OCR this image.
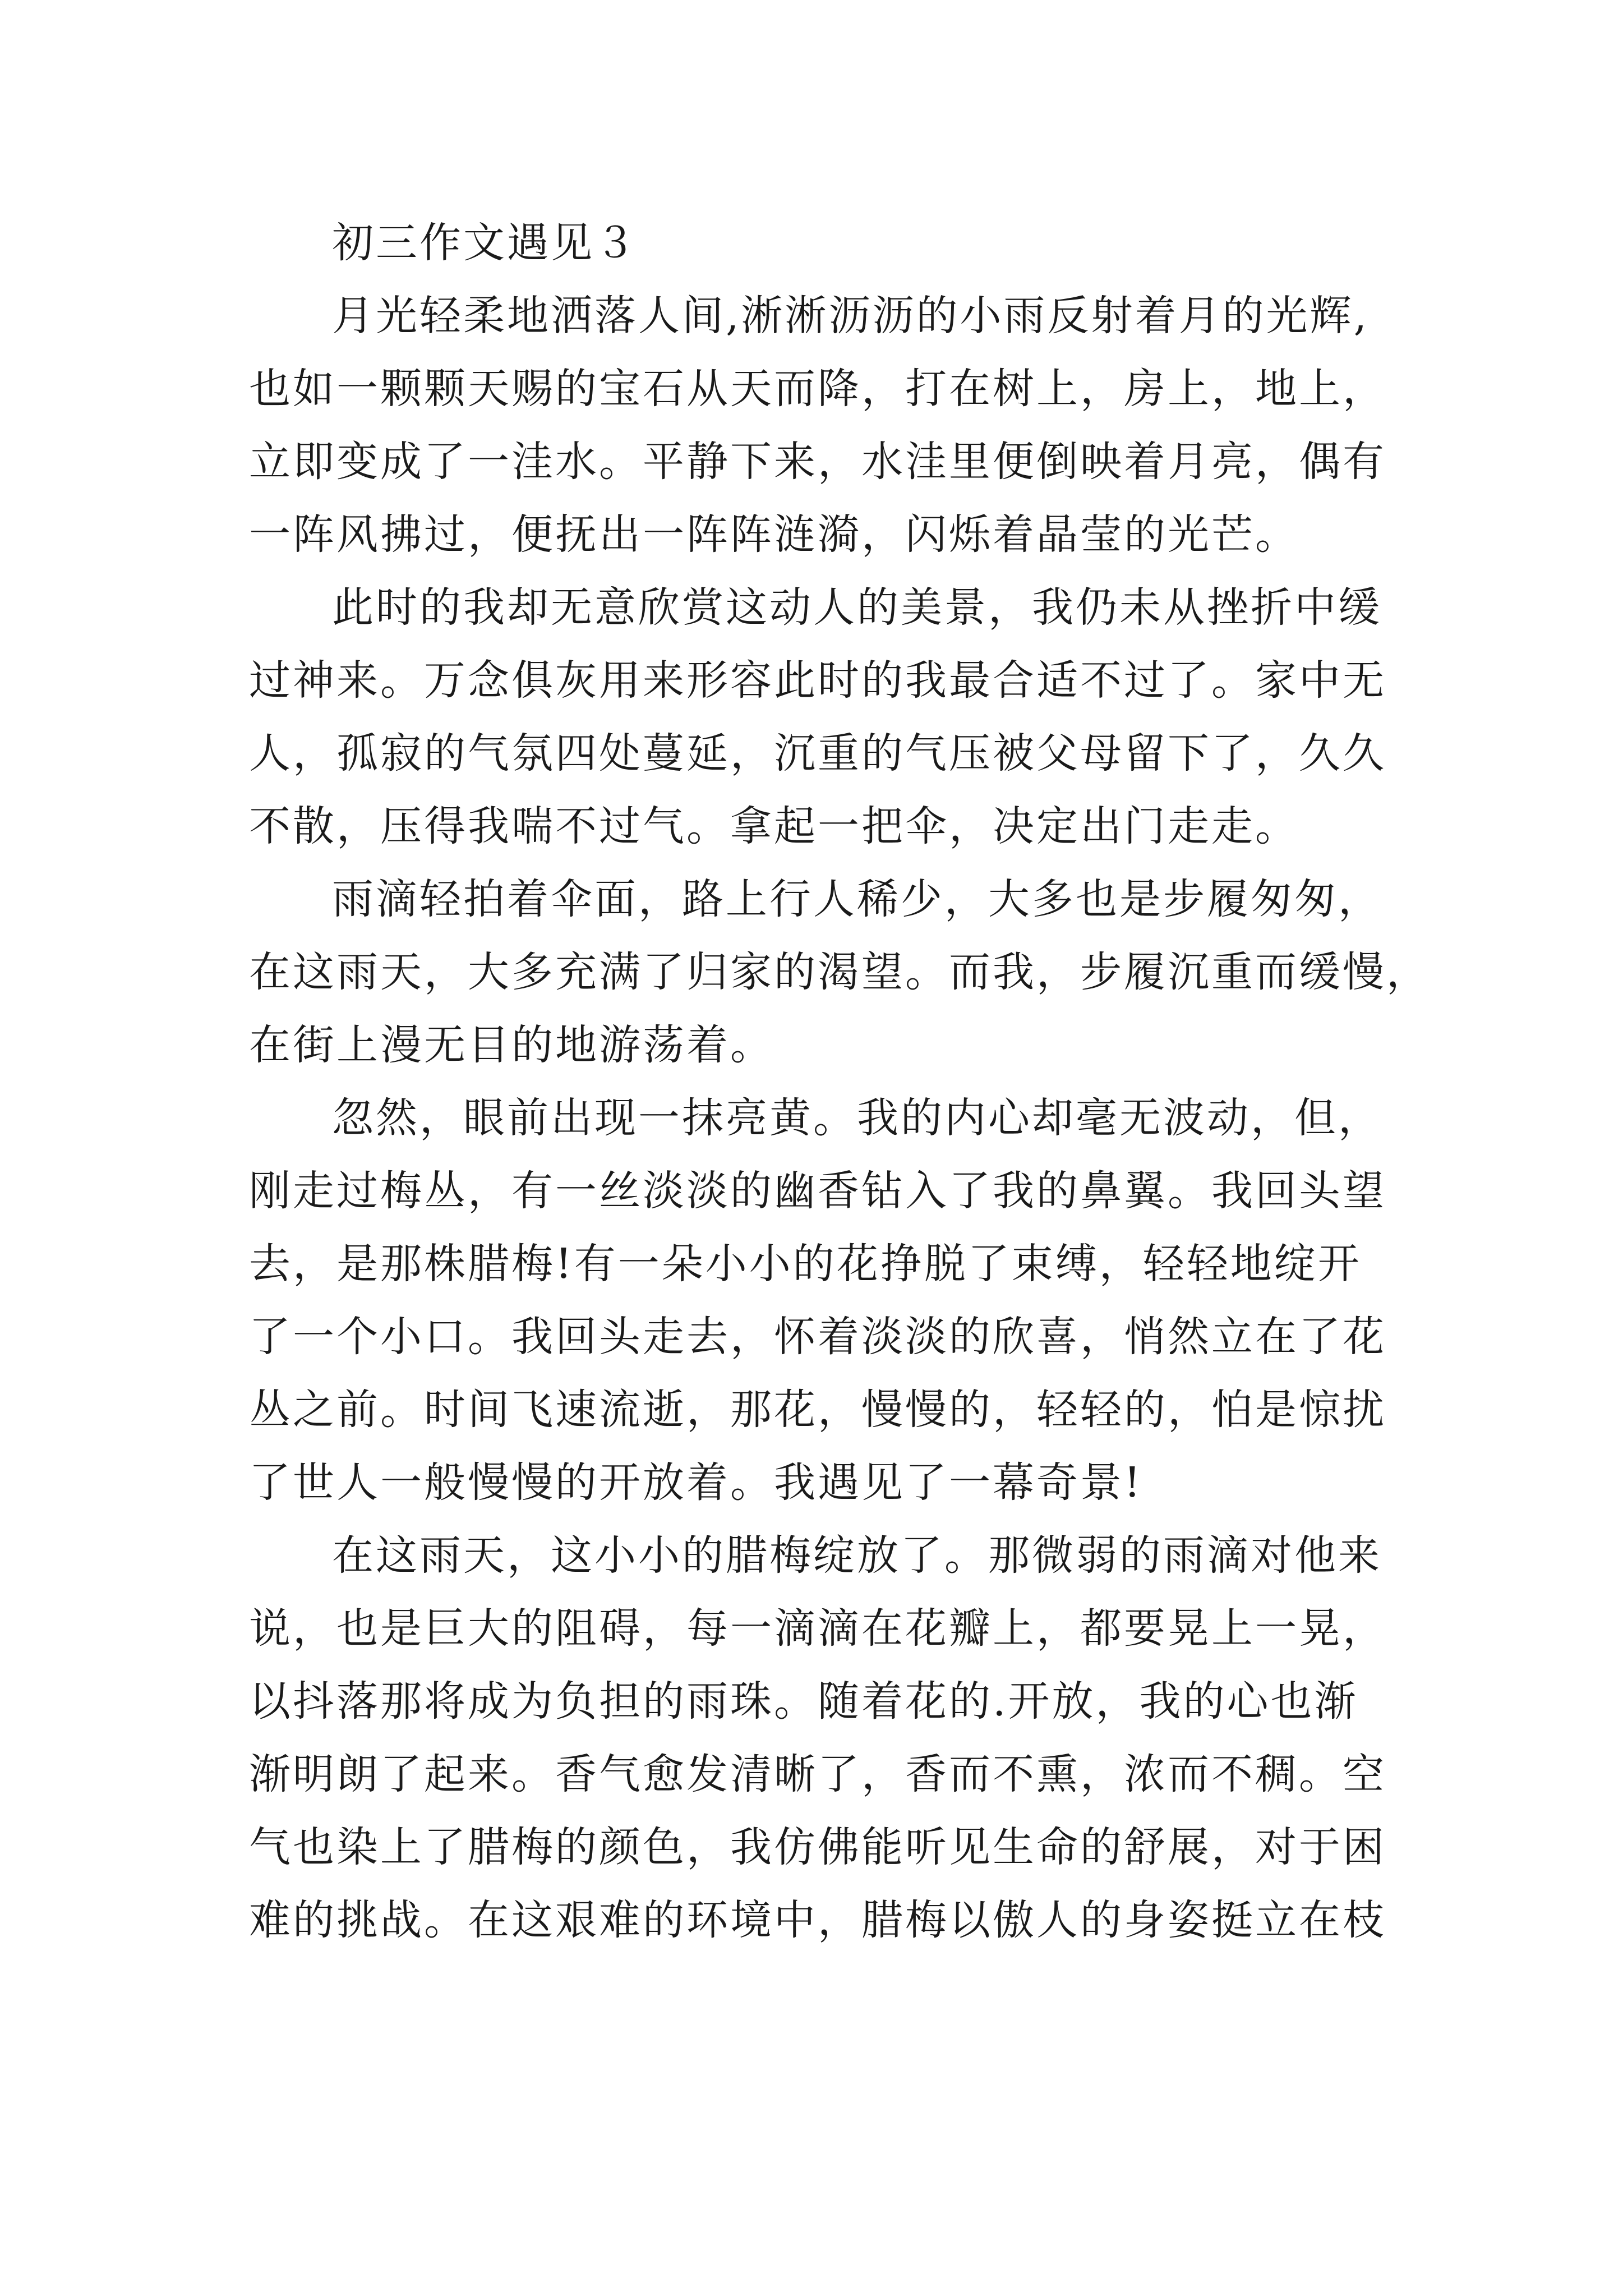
初三作文遇见３
月光轻柔地洒落人间,淅淅沥沥的小雨反射着月的光辉,
也如一颗颗天赐的宝石从天而降，打在树上，房上，地上，
立即变成了一洼水。平静下来，水洼里便倒映着月亮，偶有
一阵风拂过，便抚出一阵阵涟漪，闪烁着晶莹的光芒。
此时的我却无意欣赏这动人的美景，我仍未从挫折中缓
过神来。万念俱灰用来形容此时的我最合适不过了。家中无
人，孤寂的气氛四处蔓延，沉重的气压被父母留下了，久久
不散，压得我喘不过气。拿起一把伞，决定出门走走。
雨滴轻拍着伞面，路上行人稀少，大多也是步履匆匆，
在这雨天，大多充满了归家的渴望。而我，步履沉重而缓慢，
在街上漫无目的地游荡着。
忽然，眼前出现一抹亮黄。我的内心却毫无波动，但，
刚走过梅丛，有一丝淡淡的幽香钻入了我的鼻翼。我回头望
去，是那株腊梅!有一朵小小的花挣脱了束缚，轻轻地绽开
了一个小口。我回头走去，怀着淡淡的欣喜，悄然立在了花
丛之前。时间飞速流逝，那花，慢慢的，轻轻的，怕是惊扰
了世人一般慢慢的开放着。我遇见了一幕奇景!
在这雨天，这小小的腊梅绽放了。那微弱的雨滴对他来
说，也是巨大的阻碍，每一滴滴在花瓣上，都要晃上一晃，
以抖落那将成为负担的雨珠。随着花的.开放，我的心也渐
渐明朗了起来。香气愈发清晰了，香而不熏，浓而不稠。空
气也染上了腊梅的颜色，我仿佛能听见生命的舒展，对于困
难的挑战。在这艰难的环境中，腊梅以傲人的身姿挺立在枝
